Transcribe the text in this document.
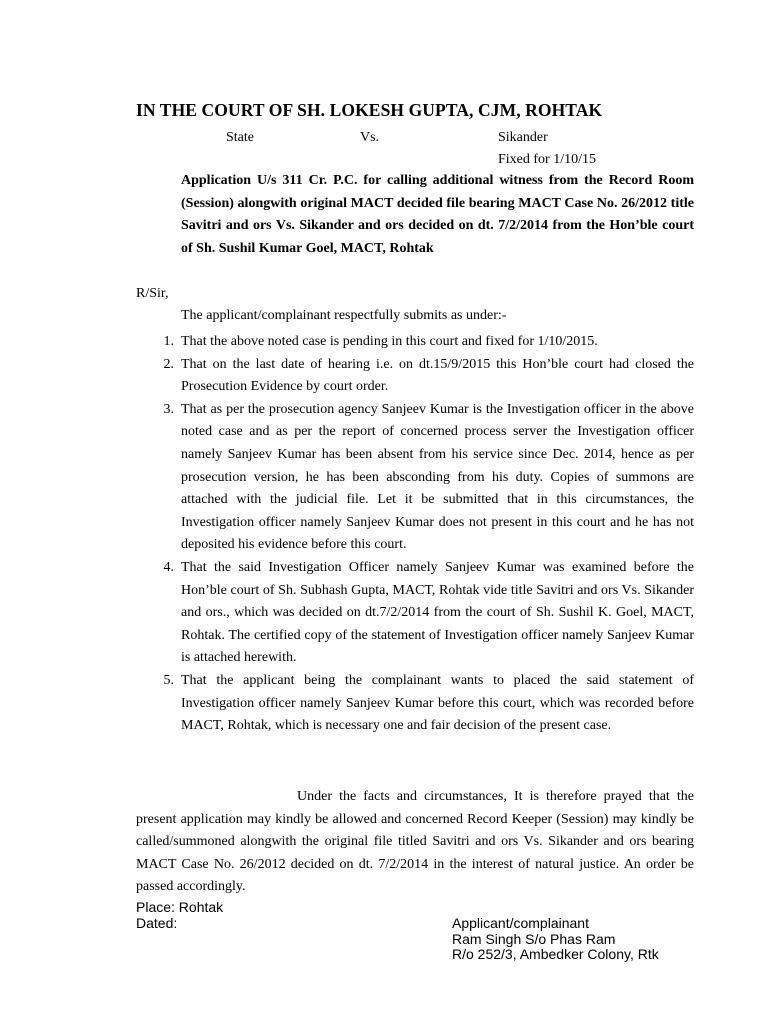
IN THE COURT OF SH. LOKESH GUPTA, CJM, ROHTAK
State	Vs.	Sikander
Fixed for 1/10/15
Application U/s 311 Cr. P.C. for calling additional witness from the Record Room (Session) alongwith original MACT decided file bearing MACT Case No. 26/2012 title Savitri and ors Vs. Sikander and ors decided on dt. 7/2/2014 from the Hon’ble court of Sh. Sushil Kumar Goel, MACT, Rohtak
R/Sir,
The applicant/complainant respectfully submits as under:-
1. That the above noted case is pending in this court and fixed for 1/10/2015.
2. That on the last date of hearing i.e. on dt.15/9/2015 this Hon’ble court had closed the Prosecution Evidence by court order.
3. That as per the prosecution agency Sanjeev Kumar is the Investigation officer in the above noted case and as per the report of concerned process server the Investigation officer namely Sanjeev Kumar has been absent from his service since Dec. 2014, hence as per prosecution version, he has been absconding from his duty. Copies of summons are attached with the judicial file. Let it be submitted that in this circumstances, the Investigation officer namely Sanjeev Kumar does not present in this court and he has not deposited his evidence before this court.
4. That the said Investigation Officer namely Sanjeev Kumar was examined before the Hon’ble court of Sh. Subhash Gupta, MACT, Rohtak vide title Savitri and ors Vs. Sikander and ors., which was decided on dt.7/2/2014 from the court of Sh. Sushil K. Goel, MACT, Rohtak. The certified copy of the statement of Investigation officer namely Sanjeev Kumar is attached herewith.
5. That the applicant being the complainant wants to placed the said statement of Investigation officer namely Sanjeev Kumar before this court, which was recorded before MACT, Rohtak, which is necessary one and fair decision of the present case.
Under the facts and circumstances, It is therefore prayed that the present application may kindly be allowed and concerned Record Keeper (Session) may kindly be called/summoned alongwith the original file titled Savitri and ors Vs. Sikander and ors bearing MACT Case No. 26/2012 decided on dt. 7/2/2014 in the interest of natural justice. An order be passed accordingly.
Place: Rohtak
Dated:	Applicant/complainant
Ram Singh S/o Phas Ram
R/o 252/3, Ambedker Colony, Rtk
